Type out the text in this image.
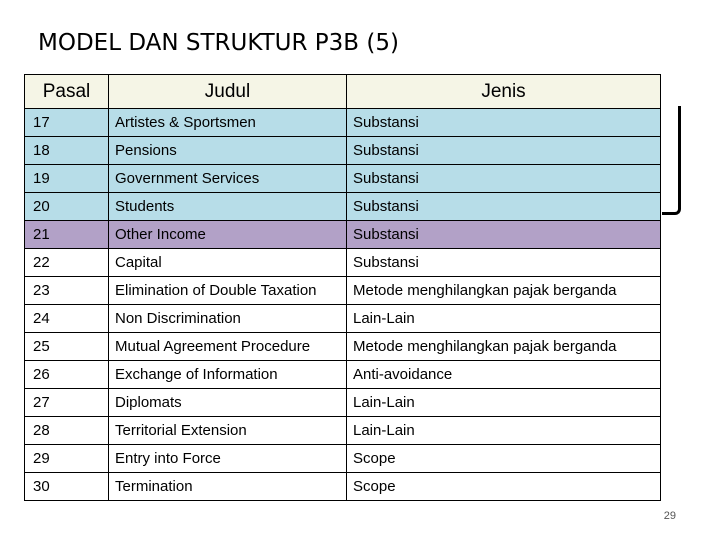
MODEL DAN STRUKTUR P3B (5)
Pasal	Judul	Jenis
17	Artistes & Sportsmen	Substansi
18	Pensions	Substansi
19	Government Services	Substansi
20	Students	Substansi
21	Other Income	Substansi
22	Capital	Substansi
23	Elimination of Double Taxation	Metode menghilangkan pajak berganda
24	Non Discrimination	Lain-Lain
25	Mutual Agreement Procedure	Metode menghilangkan pajak berganda
26	Exchange of Information	Anti-avoidance
27	Diplomats	Lain-Lain
28	Territorial Extension	Lain-Lain
29	Entry into Force	Scope
30	Termination	Scope
29
